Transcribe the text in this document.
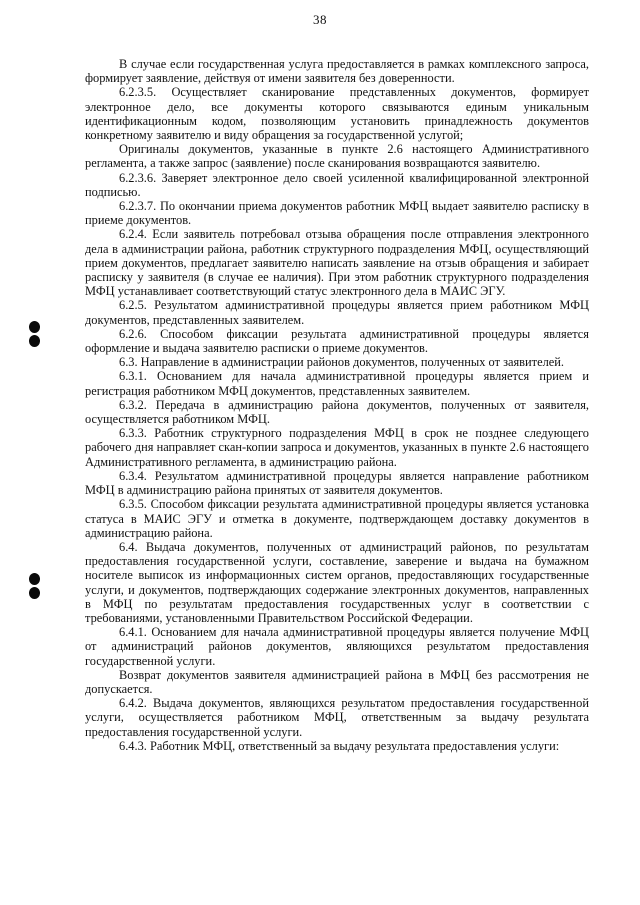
38

В случае если государственная услуга предоставляется в рамках комплексного запроса, формирует заявление, действуя от имени заявителя без доверенности.

6.2.3.5. Осуществляет сканирование представленных документов, формирует электронное дело, все документы которого связываются единым уникальным идентификационным кодом, позволяющим установить принадлежность документов конкретному заявителю и виду обращения за государственной услугой;

Оригиналы документов, указанные в пункте 2.6 настоящего Административного регламента, а также запрос (заявление) после сканирования возвращаются заявителю.

6.2.3.6. Заверяет электронное дело своей усиленной квалифицированной электронной подписью.

6.2.3.7. По окончании приема документов работник МФЦ выдает заявителю расписку в приеме документов.

6.2.4. Если заявитель потребовал отзыва обращения после отправления электронного дела в администрации района, работник структурного подразделения МФЦ, осуществляющий прием документов, предлагает заявителю написать заявление на отзыв обращения и забирает расписку у заявителя (в случае ее наличия). При этом работник структурного подразделения МФЦ устанавливает соответствующий статус электронного дела в МАИС ЭГУ.

6.2.5. Результатом административной процедуры является прием работником МФЦ документов, представленных заявителем.

6.2.6. Способом фиксации результата административной процедуры является оформление и выдача заявителю расписки о приеме документов.

6.3. Направление в администрации районов документов, полученных от заявителей.

6.3.1. Основанием для начала административной процедуры является прием и регистрация работником МФЦ документов, представленных заявителем.

6.3.2. Передача в администрацию района документов, полученных от заявителя, осуществляется работником МФЦ.

6.3.3. Работник структурного подразделения МФЦ в срок не позднее следующего рабочего дня направляет скан-копии запроса и документов, указанных в пункте 2.6 настоящего Административного регламента, в администрацию района.

6.3.4. Результатом административной процедуры является направление работником МФЦ в администрацию района принятых от заявителя документов.

6.3.5. Способом фиксации результата административной процедуры является установка статуса в МАИС ЭГУ и отметка в документе, подтверждающем доставку документов в администрацию района.

6.4. Выдача документов, полученных от администраций районов, по результатам предоставления государственной услуги, составление, заверение и выдача на бумажном носителе выписок из информационных систем органов, предоставляющих государственные услуги, и документов, подтверждающих содержание электронных документов, направленных в МФЦ по результатам предоставления государственных услуг в соответствии с требованиями, установленными Правительством Российской Федерации.

6.4.1. Основанием для начала административной процедуры является получение МФЦ от администраций районов документов, являющихся результатом предоставления государственной услуги.

Возврат документов заявителя администрацией района в МФЦ без рассмотрения не допускается.

6.4.2. Выдача документов, являющихся результатом предоставления государственной услуги, осуществляется работником МФЦ, ответственным за выдачу результата предоставления государственной услуги.

6.4.3. Работник МФЦ, ответственный за выдачу результата предоставления услуги:
